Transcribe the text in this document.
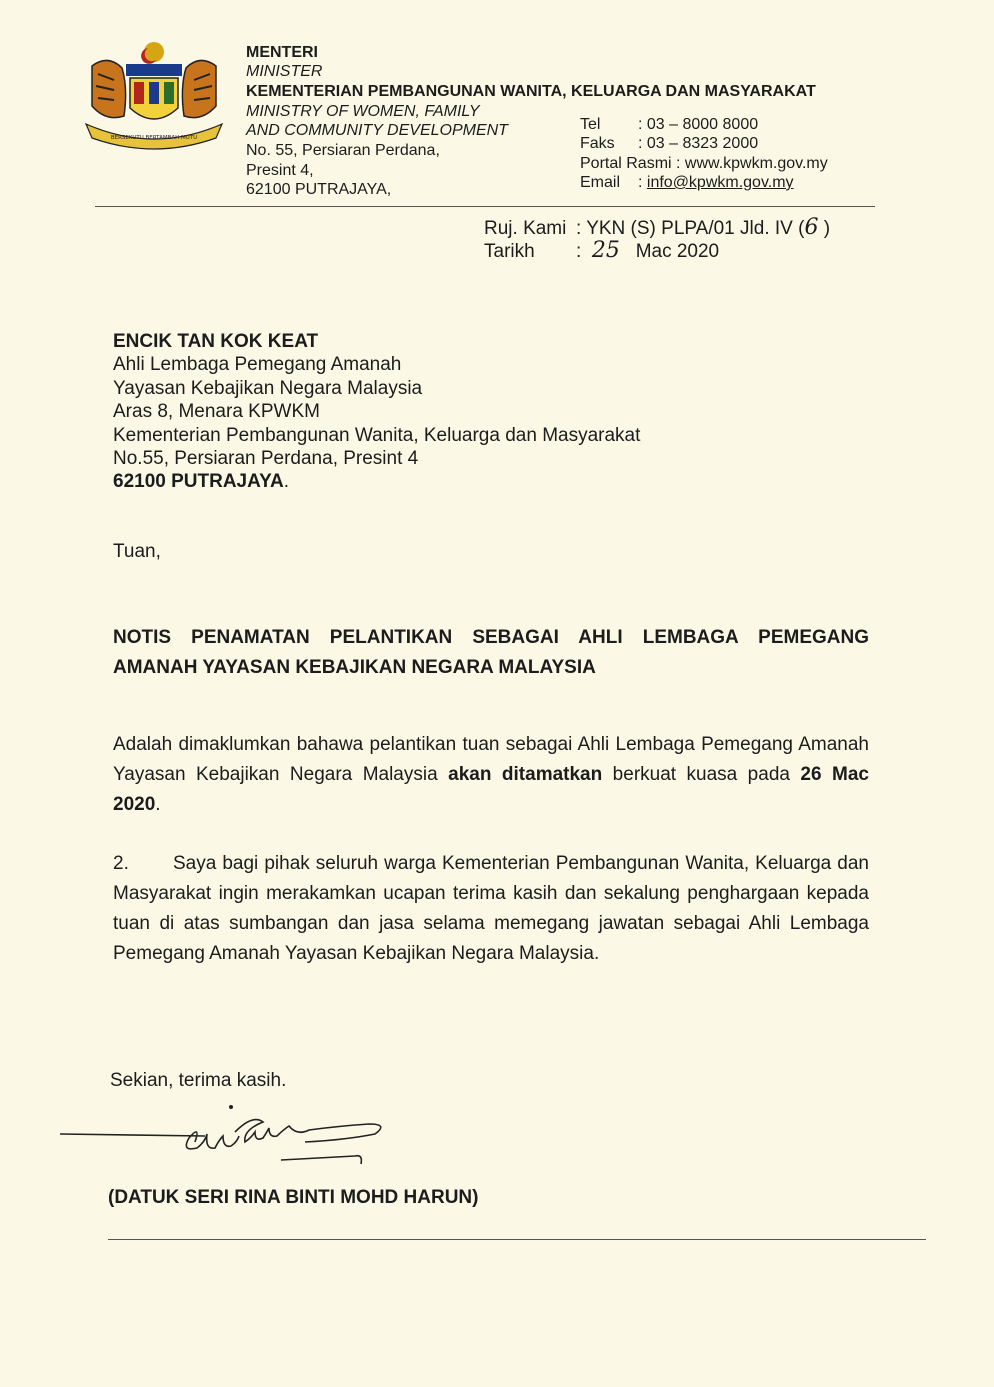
BERSEKUTU BERTAMBAH MUTU
MENTERI
MINISTER
KEMENTERIAN PEMBANGUNAN WANITA, KELUARGA DAN MASYARAKAT
MINISTRY OF WOMEN, FAMILY
AND COMMUNITY DEVELOPMENT
No. 55, Persiaran Perdana,
Presint 4,
62100 PUTRAJAYA,
Tel : 03 – 8000 8000
Faks : 03 – 8323 2000
Portal Rasmi : www.kpwkm.gov.my
Email : info@kpwkm.gov.my
Ruj. Kami : YKN (S) PLPA/01 Jld. IV (6 )
Tarikh : 25 Mac 2020
ENCIK TAN KOK KEAT
Ahli Lembaga Pemegang Amanah
Yayasan Kebajikan Negara Malaysia
Aras 8, Menara KPWKM
Kementerian Pembangunan Wanita, Keluarga dan Masyarakat
No.55, Persiaran Perdana, Presint 4
62100 PUTRAJAYA.
Tuan,
NOTIS PENAMATAN PELANTIKAN SEBAGAI AHLI LEMBAGA PEMEGANG AMANAH YAYASAN KEBAJIKAN NEGARA MALAYSIA
Adalah dimaklumkan bahawa pelantikan tuan sebagai Ahli Lembaga Pemegang Amanah Yayasan Kebajikan Negara Malaysia akan ditamatkan berkuat kuasa pada 26 Mac 2020.
2. Saya bagi pihak seluruh warga Kementerian Pembangunan Wanita, Keluarga dan Masyarakat ingin merakamkan ucapan terima kasih dan sekalung penghargaan kepada tuan di atas sumbangan dan jasa selama memegang jawatan sebagai Ahli Lembaga Pemegang Amanah Yayasan Kebajikan Negara Malaysia.
Sekian, terima kasih.
(DATUK SERI RINA BINTI MOHD HARUN)
